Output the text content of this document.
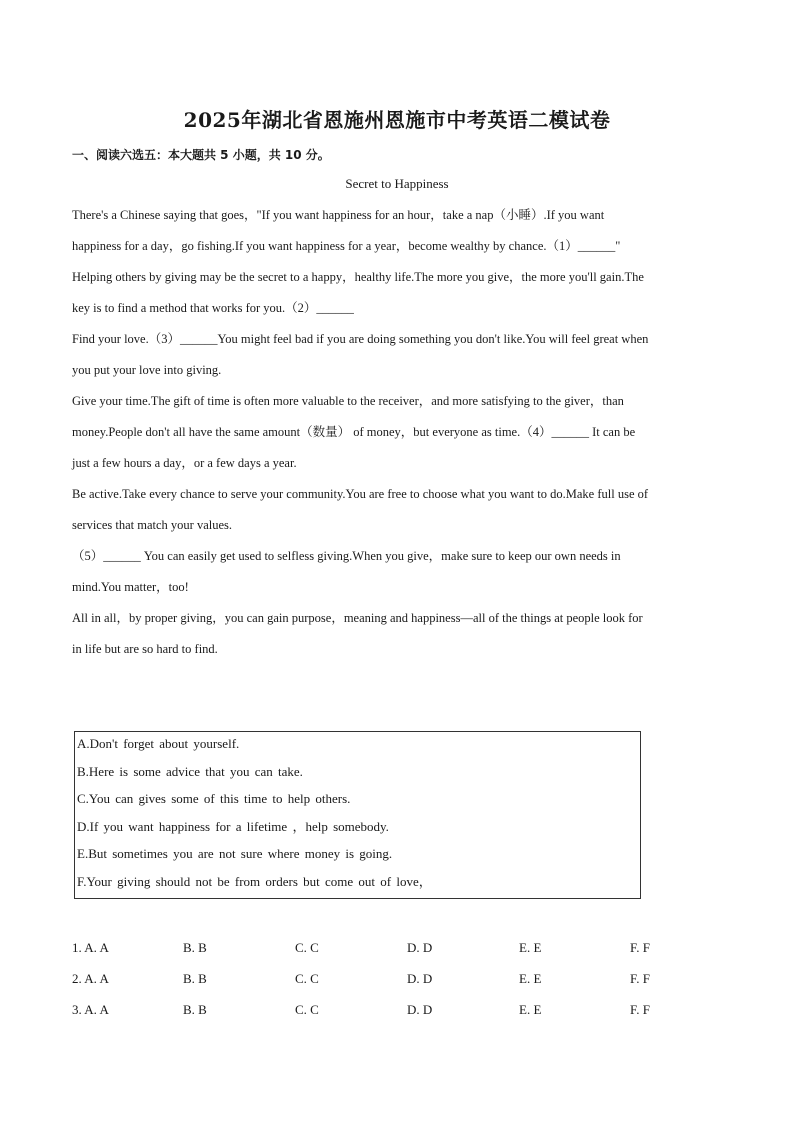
2025年湖北省恩施州恩施市中考英语二模试卷
一、阅读六选五：本大题共 5 小题，共 10 分。
Secret to Happiness
There's a Chinese saying that goes，"If you want happiness for an hour，take a nap（小睡）.If you want
happiness for a day，go fishing.If you want happiness for a year，become wealthy by chance.（1）______"
Helping others by giving may be the secret to a happy，healthy life.The more you give，the more you'll gain.The
key is to find a method that works for you.（2）______
Find your love.（3）______You might feel bad if you are doing something you don't like.You will feel great when
you put your love into giving.
Give your time.The gift of time is often more valuable to the receiver，and more satisfying to the giver，than
money.People don't all have the same amount（数量） of money，but everyone as time.（4）______ It can be
just a few hours a day，or a few days a year.
Be active.Take every chance to serve your community.You are free to choose what you want to do.Make full use of
services that match your values.
（5）______ You can easily get used to selfless giving.When you give，make sure to keep our own needs in
mind.You matter，too!
All in all，by proper giving，you can gain purpose，meaning and happiness—all of the things at people look for
in life but are so hard to find.
A.Don't forget about yourself.
B.Here is some advice that you can take.
C.You can gives some of this time to help others.
D.If you want happiness for a lifetime ，help somebody.
E.But sometimes you are not sure where money is going.
F.Your giving should not be from orders but come out of love，
1. A. A	B. B	C. C	D. D	E. E	F. F
2. A. A	B. B	C. C	D. D	E. E	F. F
3. A. A	B. B	C. C	D. D	E. E	F. F
